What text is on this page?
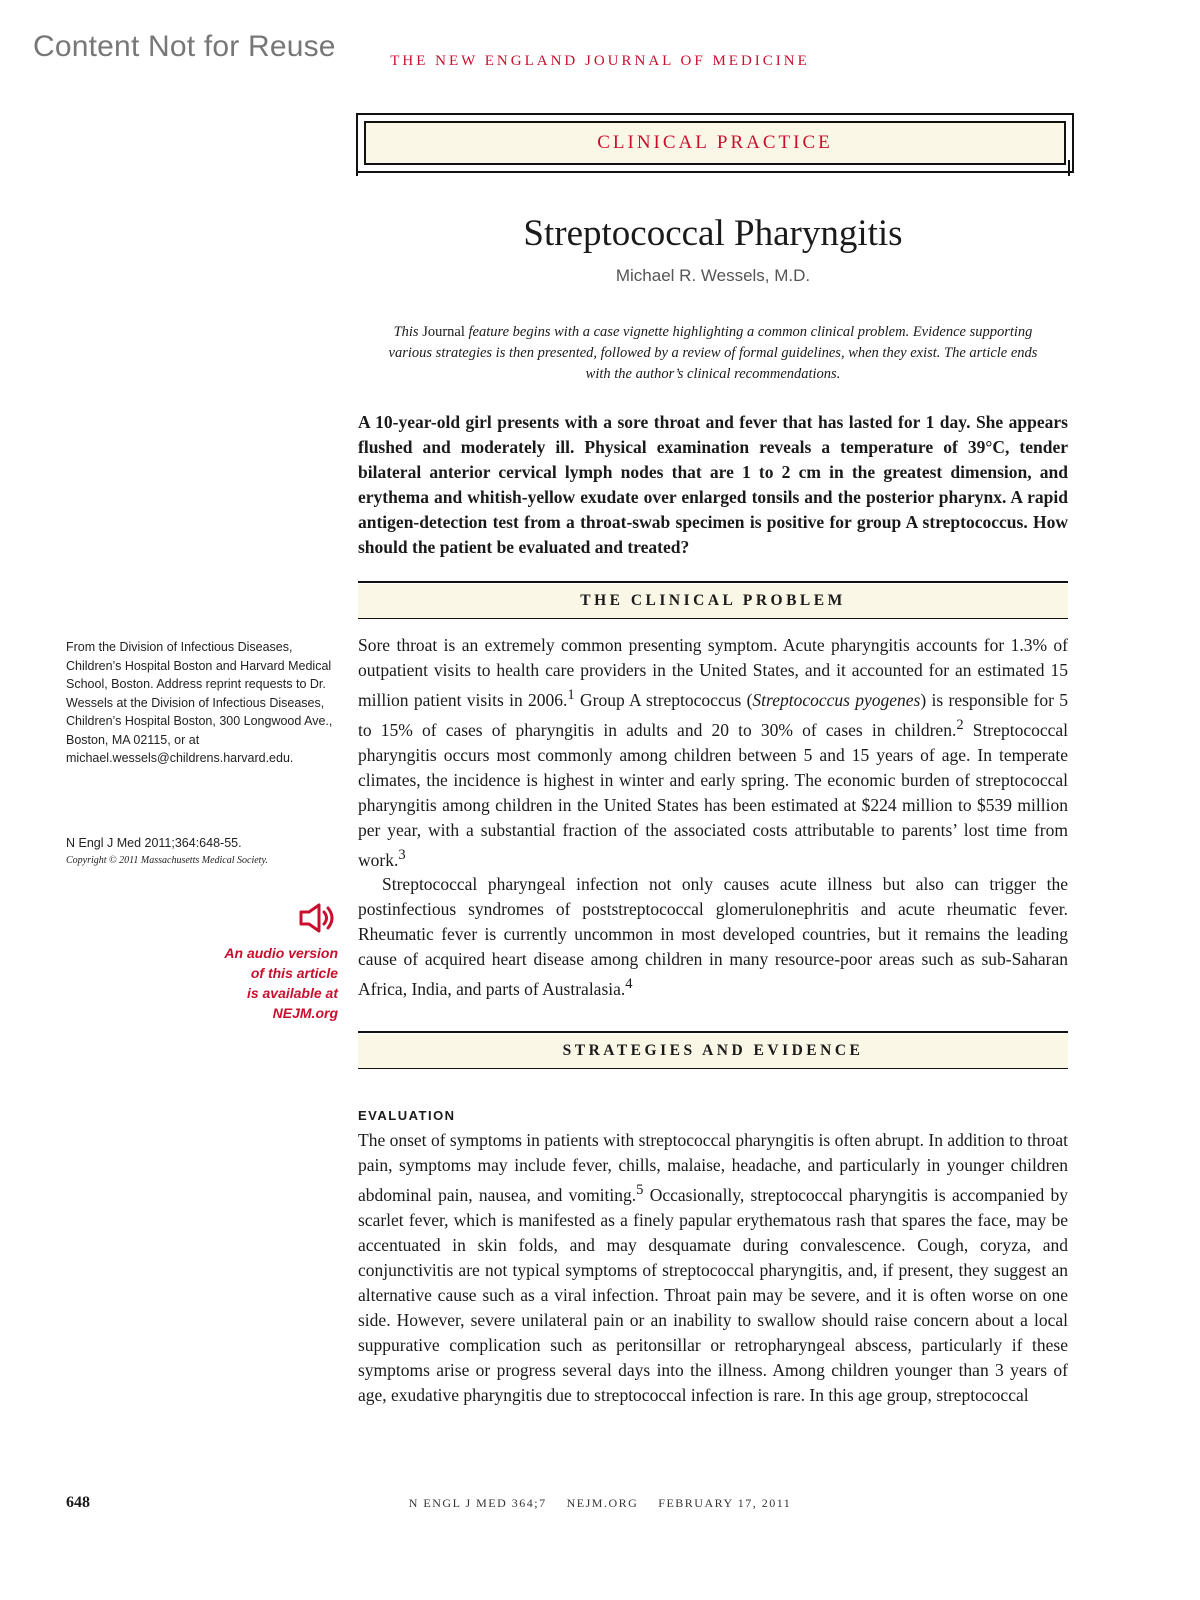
Content Not for Reuse	THE NEW ENGLAND JOURNAL OF MEDICINE
CLINICAL PRACTICE
Streptococcal Pharyngitis
Michael R. Wessels, M.D.
This Journal feature begins with a case vignette highlighting a common clinical problem. Evidence supporting various strategies is then presented, followed by a review of formal guidelines, when they exist. The article ends with the author’s clinical recommendations.
A 10-year-old girl presents with a sore throat and fever that has lasted for 1 day. She appears flushed and moderately ill. Physical examination reveals a temperature of 39°C, tender bilateral anterior cervical lymph nodes that are 1 to 2 cm in the greatest dimension, and erythema and whitish-yellow exudate over enlarged tonsils and the posterior pharynx. A rapid antigen-detection test from a throat-swab specimen is positive for group A streptococcus. How should the patient be evaluated and treated?
THE CLINICAL PROBLEM

Sore throat is an extremely common presenting symptom. Acute pharyngitis accounts for 1.3% of outpatient visits to health care providers in the United States, and it accounted for an estimated 15 million patient visits in 2006.$^1$ Group A streptococcus (Streptococcus pyogenes) is responsible for 5 to 15% of cases of pharyngitis in adults and 20 to 30% of cases in children.$^2$ Streptococcal pharyngitis occurs most commonly among children between 5 and 15 years of age. In temperate climates, the incidence is highest in winter and early spring. The economic burden of streptococcal pharyngitis among children in the United States has been estimated at $224 million to $539 million per year, with a substantial fraction of the associated costs attributable to parents’ lost time from work.$^3$

Streptococcal pharyngeal infection not only causes acute illness but also can trigger the postinfectious syndromes of poststreptococcal glomerulonephritis and acute rheumatic fever. Rheumatic fever is currently uncommon in most developed countries, but it remains the leading cause of acquired heart disease among children in many resource-poor areas such as sub-Saharan Africa, India, and parts of Australasia.$^4$

From the Division of Infectious Diseases, Children’s Hospital Boston and Harvard Medical School, Boston. Address reprint requests to Dr. Wessels at the Division of Infectious Diseases, Children’s Hospital Boston, 300 Longwood Ave., Boston, MA 02115, or at michael.wessels@childrens.harvard.edu.
N Engl J Med 2011;364:648-55.
Copyright © 2011 Massachusetts Medical Society.
An audio version
of this article
is available at
NEJM.org
STRATEGIES AND EVIDENCE
EVALUATION

The onset of symptoms in patients with streptococcal pharyngitis is often abrupt. In addition to throat pain, symptoms may include fever, chills, malaise, headache, and particularly in younger children abdominal pain, nausea, and vomiting.$^5$ Occasionally, streptococcal pharyngitis is accompanied by scarlet fever, which is manifested as a finely papular erythematous rash that spares the face, may be accentuated in skin folds, and may desquamate during convalescence. Cough, coryza, and conjunctivitis are not typical symptoms of streptococcal pharyngitis, and, if present, they suggest an alternative cause such as a viral infection. Throat pain may be severe, and it is often worse on one side. However, severe unilateral pain or an inability to swallow should raise concern about a local suppurative complication such as peritonsillar or retropharyngeal abscess, particularly if these symptoms arise or progress several days into the illness. Among children younger than 3 years of age, exudative pharyngitis due to streptococcal infection is rare. In this age group, streptococcal

648	N ENGL J MED 364;7 NEJM.ORG FEBRUARY 17, 2011
